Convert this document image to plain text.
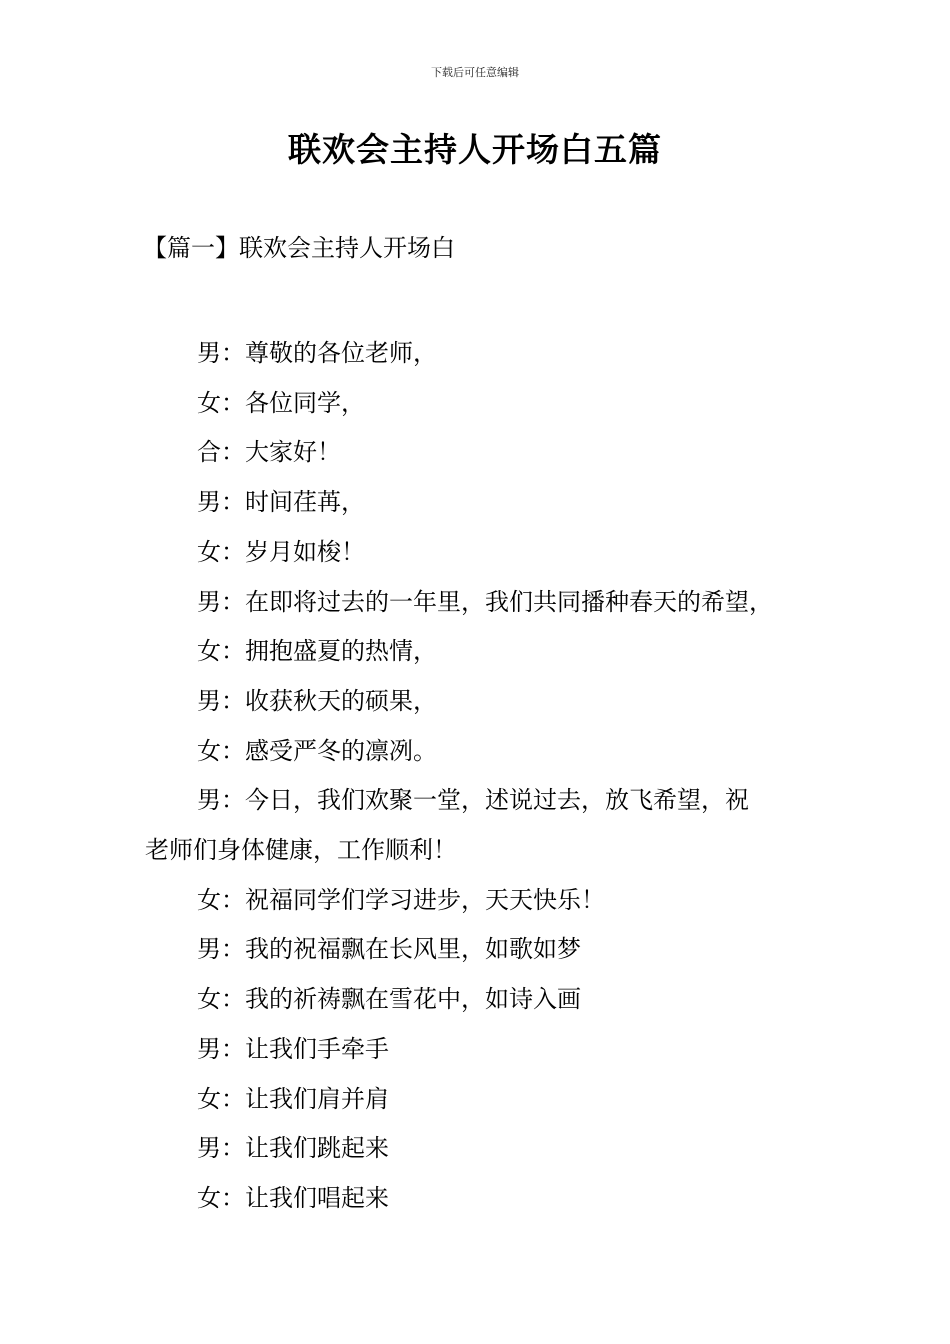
下载后可任意编辑
联欢会主持人开场白五篇
【篇一】联欢会主持人开场白
男：尊敬的各位老师，
女：各位同学，
合：大家好！
男：时间荏苒，
女：岁月如梭！
男：在即将过去的一年里，我们共同播种春天的希望，
女：拥抱盛夏的热情，
男：收获秋天的硕果，
女：感受严冬的凛冽。
男：今日，我们欢聚一堂，述说过去，放飞希望，祝
老师们身体健康，工作顺利！
女：祝福同学们学习进步，天天快乐！
男：我的祝福飘在长风里，如歌如梦
女：我的祈祷飘在雪花中，如诗入画
男：让我们手牵手
女：让我们肩并肩
男：让我们跳起来
女：让我们唱起来
